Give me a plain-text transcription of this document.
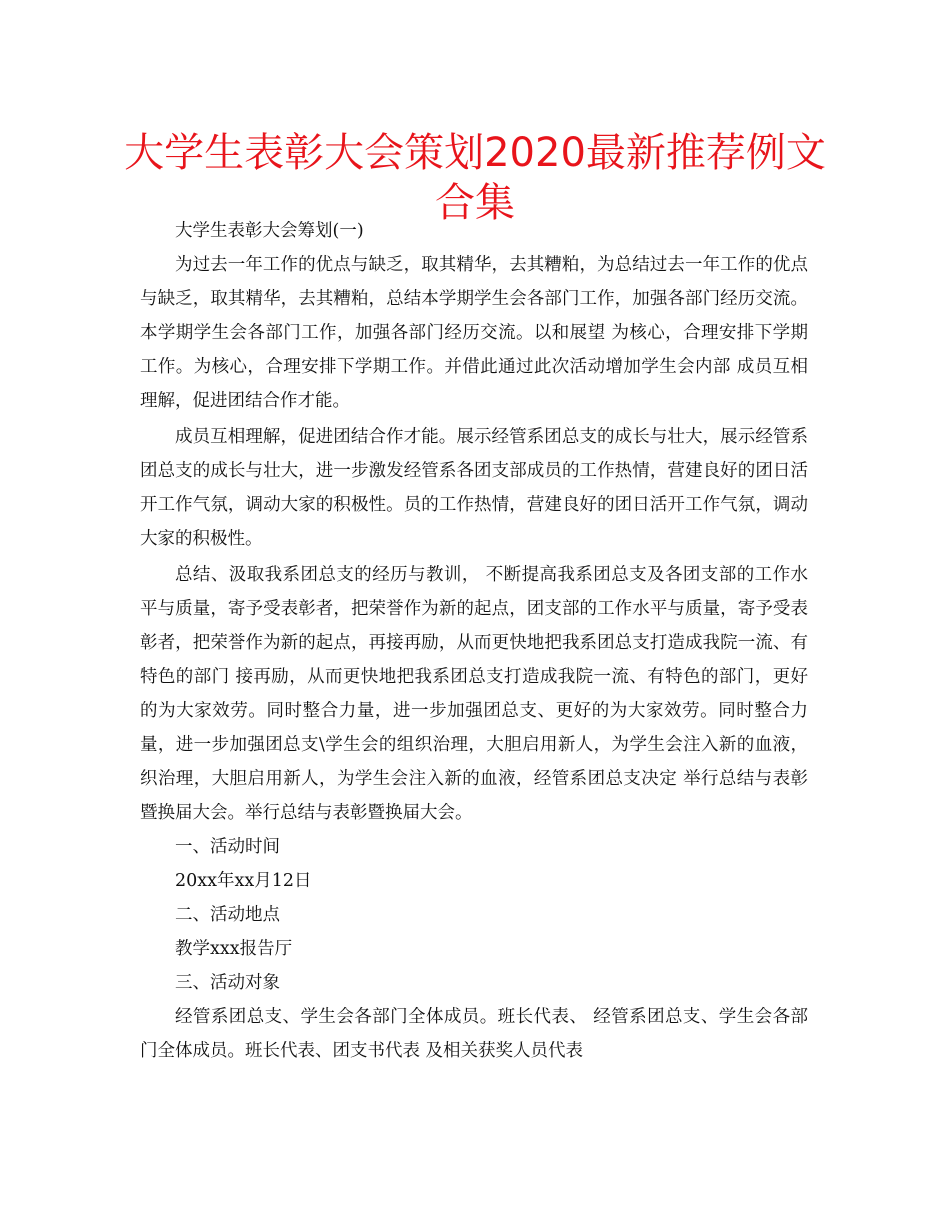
大学生表彰大会策划2020最新推荐例文合集

大学生表彰大会筹划(一)

为过去一年工作的优点与缺乏，取其精华，去其糟粕，为总结过去一年工作的优点与缺乏，取其精华，去其糟粕，总结本学期学生会各部门工作，加强各部门经历交流。本学期学生会各部门工作，加强各部门经历交流。以和展望 为核心，合理安排下学期工作。为核心，合理安排下学期工作。并借此通过此次活动增加学生会内部 成员互相理解，促进团结合作才能。

成员互相理解，促进团结合作才能。展示经管系团总支的成长与壮大，展示经管系团总支的成长与壮大，进一步激发经管系各团支部成员的工作热情，营建良好的团日活开工作气氛，调动大家的积极性。员的工作热情，营建良好的团日活开工作气氛，调动大家的积极性。

总结、汲取我系团总支的经历与教训， 不断提高我系团总支及各团支部的工作水平与质量，寄予受表彰者，把荣誉作为新的起点，团支部的工作水平与质量，寄予受表彰者，把荣誉作为新的起点，再接再励，从而更快地把我系团总支打造成我院一流、有特色的部门 接再励，从而更快地把我系团总支打造成我院一流、有特色的部门，更好的为大家效劳。同时整合力量，进一步加强团总支、更好的为大家效劳。同时整合力量，进一步加强团总支\学生会的组织治理，大胆启用新人，为学生会注入新的血液， 织治理，大胆启用新人，为学生会注入新的血液，经管系团总支决定 举行总结与表彰暨换届大会。举行总结与表彰暨换届大会。

一、活动时间

20xx年xx月12日

二、活动地点

教学xxx报告厅

三、活动对象

经管系团总支、学生会各部门全体成员。班长代表、 经管系团总支、学生会各部门全体成员。班长代表、团支书代表 及相关获奖人员代表
